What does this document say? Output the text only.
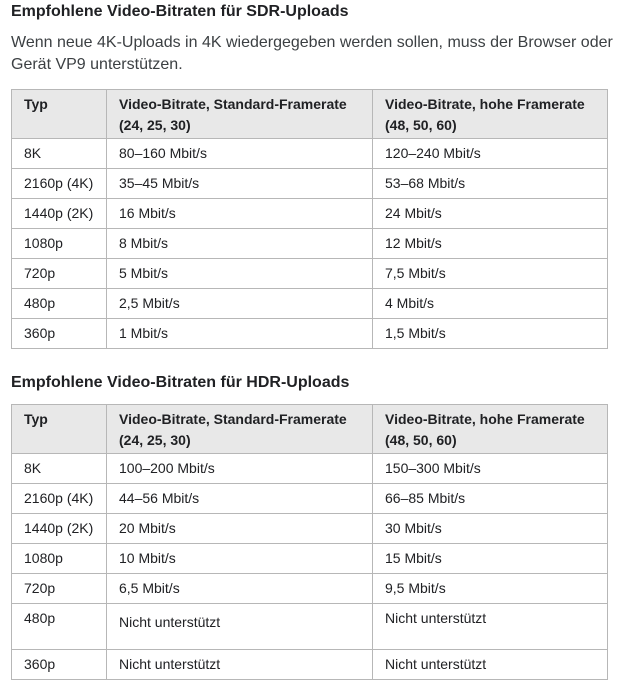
Empfohlene Video-Bitraten für SDR-Uploads

Wenn neue 4K-Uploads in 4K wiedergegeben werden sollen, muss der Browser oder Gerät VP9 unterstützen.

Typ	Video-Bitrate, Standard-Framerate (24, 25, 30)	Video-Bitrate, hohe Framerate (48, 50, 60)
8K	80–160 Mbit/s	120–240 Mbit/s
2160p (4K)	35–45 Mbit/s	53–68 Mbit/s
1440p (2K)	16 Mbit/s	24 Mbit/s
1080p	8 Mbit/s	12 Mbit/s
720p	5 Mbit/s	7,5 Mbit/s
480p	2,5 Mbit/s	4 Mbit/s
360p	1 Mbit/s	1,5 Mbit/s
Empfohlene Video-Bitraten für HDR-Uploads
Typ	Video-Bitrate, Standard-Framerate (24, 25, 30)	Video-Bitrate, hohe Framerate (48, 50, 60)
8K	100–200 Mbit/s	150–300 Mbit/s
2160p (4K)	44–56 Mbit/s	66–85 Mbit/s
1440p (2K)	20 Mbit/s	30 Mbit/s
1080p	10 Mbit/s	15 Mbit/s
720p	6,5 Mbit/s	9,5 Mbit/s
480p	Nicht unterstützt	Nicht unterstützt
360p	Nicht unterstützt	Nicht unterstützt
